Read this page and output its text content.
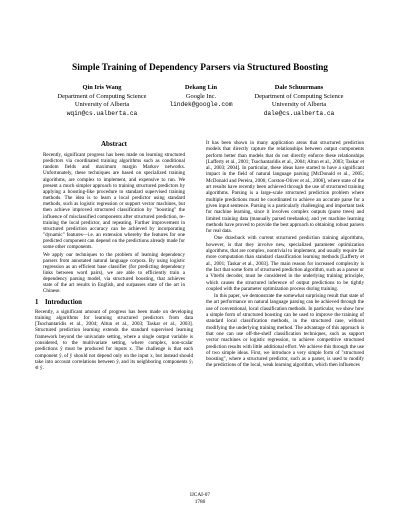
Simple Training of Dependency Parsers via Structured Boosting
Qin Iris Wang
Department of Computing Science
University of Alberta
wqin@cs.ualberta.ca
Dekang Lin
Google Inc.
lindek@google.com
Dale Schuurmans
Department of Computing Science
University of Alberta
dale@cs.ualberta.ca
Abstract

Recently, significant progress has been made on learning structured predictors via coordinated training algorithms such as conditional random fields and maximum margin Markov networks. Unfortunately, these techniques are based on specialized training algorithms, are complex to implement, and expensive to run. We present a much simpler approach to training structured predictors by applying a boosting-like procedure to standard supervised training methods. The idea is to learn a local predictor using standard methods, such as logistic regression or support vector machines, but then achieve improved structured classification by "boosting" the influence of misclassified components after structured prediction, re-training the local predictor, and repeating. Further improvement in structured prediction accuracy can be achieved by incorporating "dynamic" features—i.e. an extension whereby the features for one predicted component can depend on the predictions already made for some other components.

We apply our techniques to the problem of learning dependency parsers from annotated natural language corpora. By using logistic regression as an efficient base classifier (for predicting dependency links between word pairs), we are able to efficiently train a dependency parsing model, via structured boosting, that achieves state of the art results in English, and surpasses state of the art in Chinese.

1 Introduction

Recently, a significant amount of progress has been made on developing training algorithms for learning structured predictors from data [Tsochantaridis et al., 2004; Altun et al., 2003; Taskar et al., 2003]. Structured prediction learning extends the standard supervised learning framework beyond the univariate setting, where a single output variable is considered, to the multivariate setting, where complex, non-scalar predictions ŷ must be produced for inputs x. The challenge is that each component ŷᵢ of ŷ should not depend only on the input x, but instead should take into account correlations between ŷᵢ and its neighboring components ŷⱼ ∈ ŷ.

It has been shown in many application areas that structured prediction models that directly capture the relationships between output components perform better than models that do not directly enforce these relationships [Lafferty et al., 2001; Tsochantaridis et al., 2004; Altun et al., 2003; Taskar et al., 2003; 2004]. In particular, these ideas have started to have a significant impact in the field of natural language parsing [McDonald et al., 2005; McDonald and Pereira, 2006; Corston-Oliver et al., 2006], where state of the art results have recently been achieved through the use of structured training algorithms. Parsing is a large-scale structured prediction problem where multiple predictions must be coordinated to achieve an accurate parse for a given input sentence. Parsing is a particularly challenging and important task for machine learning, since it involves complex outputs (parse trees) and limited training data (manually parsed treebanks), and yet machine learning methods have proved to provide the best approach to obtaining robust parsers for real data.

One drawback with current structured prediction training algorithms, however, is that they involve new, specialized parameter optimization algorithms, that are complex, nontrivial to implement, and usually require far more computation than standard classification learning methods [Lafferty et al., 2001; Taskar et al., 2003]. The main reason for increased complexity is the fact that some form of structured prediction algorithm, such as a parser or a Viterbi decoder, must be considered in the underlying training principle, which causes the structured inference of output predictions to be tightly coupled with the parameter optimization process during training.

In this paper, we demonstrate the somewhat surprising result that state of the art performance on natural language parsing can be achieved through the use of conventional, local classification methods. In particular, we show how a simple form of structured boosting can be used to improve the training of standard local classification methods, in the structured case, without modifying the underlying training method. The advantage of this approach is that one can use off-the-shelf classification techniques, such as support vector machines or logistic regression, to achieve competitive structured prediction results with little additional effort. We achieve this through the use of two simple ideas. First, we introduce a very simple form of "structured boosting", where a structured predictor, such as a parser, is used to modify the predictions of the local, weak learning algorithm, which then influences

IJCAI-07
1786
